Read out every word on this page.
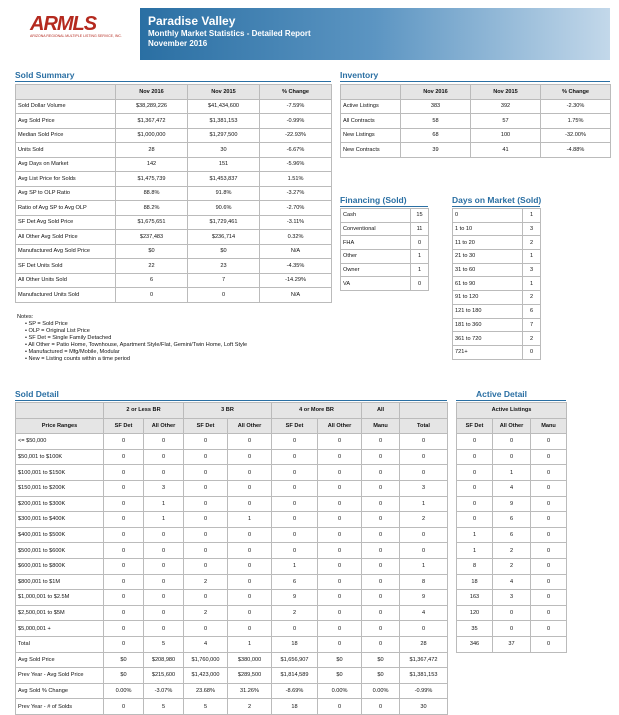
ARMLS
ARIZONA REGIONAL MULTIPLE LISTING SERVICE, INC.
Paradise Valley
Monthly Market Statistics - Detailed Report
November 2016
Sold Summary
	Nov 2016	Nov 2015	% Change
Sold Dollar Volume	$38,289,226	$41,434,600	-7.59%
Avg Sold Price	$1,367,472	$1,381,153	-0.99%
Median Sold Price	$1,000,000	$1,297,500	-22.93%
Units Sold	28	30	-6.67%
Avg Days on Market	142	151	-5.96%
Avg List Price for Solds	$1,475,739	$1,453,837	1.51%
Avg SP to OLP Ratio	88.8%	91.8%	-3.27%
Ratio of Avg SP to Avg OLP	88.2%	90.6%	-2.70%
SF Det Avg Sold Price	$1,675,651	$1,729,461	-3.11%
All Other Avg Sold Price	$237,483	$236,714	0.32%
Manufactured Avg Sold Price	$0	$0	N/A
SF Det Units Sold	22	23	-4.35%
All Other Units Sold	6	7	-14.29%
Manufactured Units Sold	0	0	N/A
Inventory
	Nov 2016	Nov 2015	% Change
Active Listings	383	392	-2.30%
All Contracts	58	57	1.75%
New Listings	68	100	-32.00%
New Contracts	39	41	-4.88%
Financing (Sold)
Cash	15
Conventional	11
FHA	0
Other	1
Owner	1
VA	0
Days on Market (Sold)
0	1
1 to 10	3
11 to 20	2
21 to 30	1
31 to 60	3
61 to 90	1
91 to 120	2
121 to 180	6
181 to 360	7
361 to 720	2
721+	0
Notes:
• SP = Sold Price
• OLP = Original List Price
• SF Det = Single Family Detached
• All Other = Patio Home, Townhouse, Apartment Style/Flat, Gemini/Twin Home, Loft Style
• Manufactured = Mfg/Mobile, Modular
• New = Listing counts within a time period
Sold Detail
	2 or Less BR		3 BR		4 or More BR		All	
Price Ranges	SF Det	All Other	SF Det	All Other	SF Det	All Other	Manu	Total
<= $50,000	0	0	0	0	0	0	0	0
$50,001 to $100K	0	0	0	0	0	0	0	0
$100,001 to $150K	0	0	0	0	0	0	0	0
$150,001 to $200K	0	3	0	0	0	0	0	3
$200,001 to $300K	0	1	0	0	0	0	0	1
$300,001 to $400K	0	1	0	1	0	0	0	2
$400,001 to $500K	0	0	0	0	0	0	0	0
$500,001 to $600K	0	0	0	0	0	0	0	0
$600,001 to $800K	0	0	0	0	1	0	0	1
$800,001 to $1M	0	0	2	0	6	0	0	8
$1,000,001 to $2.5M	0	0	0	0	9	0	0	9
$2,500,001 to $5M	0	0	2	0	2	0	0	4
$5,000,001 +	0	0	0	0	0	0	0	0
Total	0	5	4	1	18	0	0	28
Avg Sold Price	$0	$208,980	$1,760,000	$380,000	$1,656,907	$0	$0	$1,367,472
Prev Year - Avg Sold Price	$0	$215,600	$1,423,000	$289,500	$1,814,589	$0	$0	$1,381,153
Avg Sold % Change	0.00%	-3.07%	23.68%	31.26%	-8.69%	0.00%	0.00%	-0.99%
Prev Year - # of Solds	0	5	5	2	18	0	0	30
Active Detail
Active Listings		
SF Det	All Other	Manu
0	0	0
0	0	0
0	1	0
0	4	0
0	9	0
0	6	0
1	6	0
1	2	0
8	2	0
18	4	0
163	3	0
120	0	0
35	0	0
346	37	0
